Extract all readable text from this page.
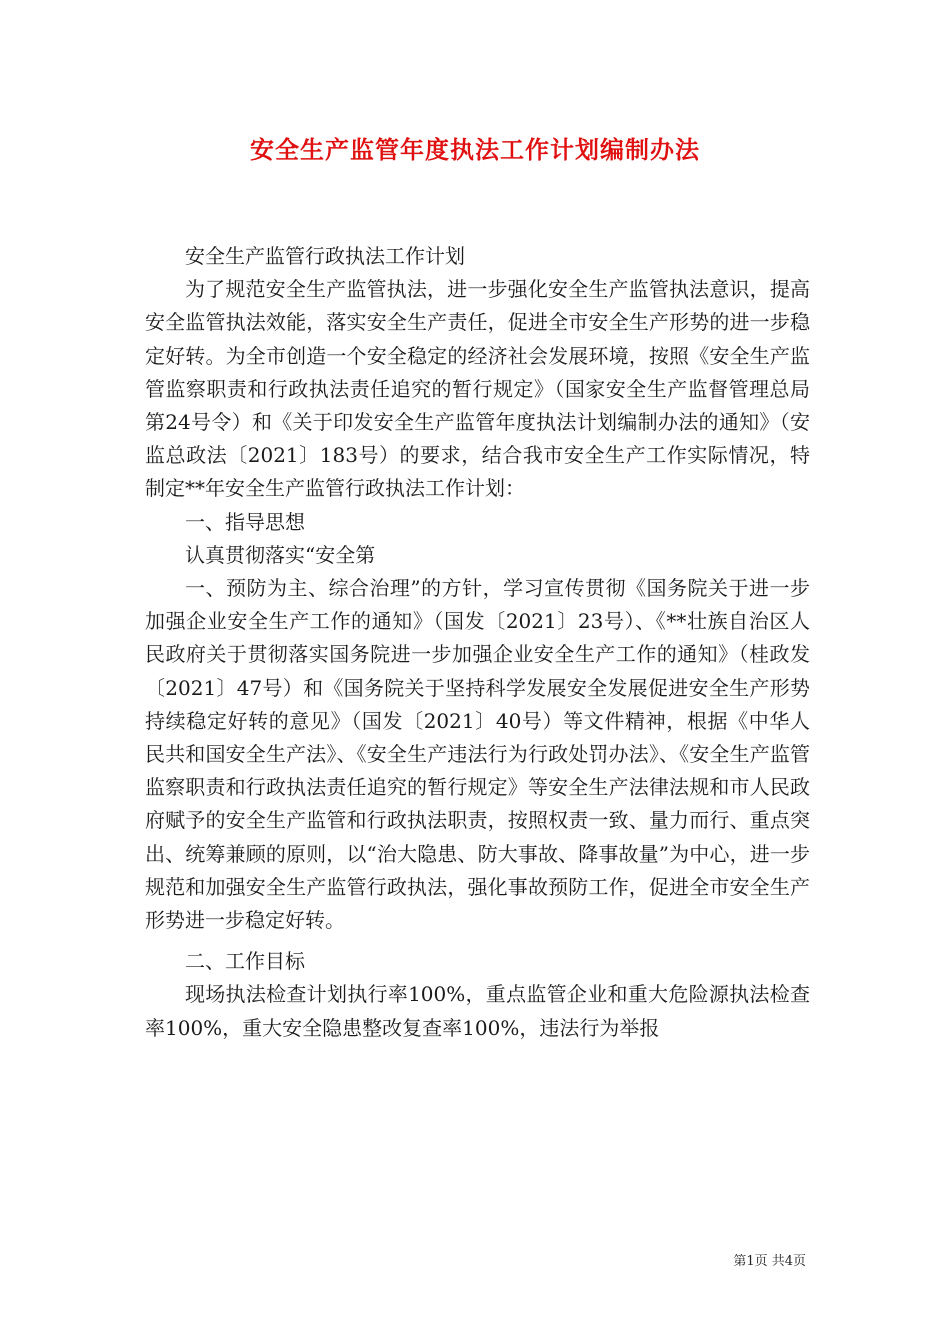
安全生产监管年度执法工作计划编制办法

安全生产监管行政执法工作计划

为了规范安全生产监管执法，进一步强化安全生产监管执法意识，提高安全监管执法效能，落实安全生产责任，促进全市安全生产形势的进一步稳定好转。为全市创造一个安全稳定的经济社会发展环境，按照《安全生产监管监察职责和行政执法责任追究的暂行规定》（国家安全生产监督管理总局第24号令）和《关于印发安全生产监管年度执法计划编制办法的通知》（安监总政法〔2021〕183号）的要求，结合我市安全生产工作实际情况，特制定**年安全生产监管行政执法工作计划：

一、指导思想

认真贯彻落实“安全第

一、预防为主、综合治理”的方针，学习宣传贯彻《国务院关于进一步加强企业安全生产工作的通知》（国发〔2021〕23号）、《**壮族自治区人民政府关于贯彻落实国务院进一步加强企业安全生产工作的通知》（桂政发〔2021〕47号）和《国务院关于坚持科学发展安全发展促进安全生产形势持续稳定好转的意见》（国发〔2021〕40号）等文件精神，根据《中华人民共和国安全生产法》、《安全生产违法行为行政处罚办法》、《安全生产监管监察职责和行政执法责任追究的暂行规定》等安全生产法律法规和市人民政府赋予的安全生产监管和行政执法职责，按照权责一致、量力而行、重点突出、统筹兼顾的原则，以“治大隐患、防大事故、降事故量”为中心，进一步规范和加强安全生产监管行政执法，强化事故预防工作，促进全市安全生产形势进一步稳定好转。

二、工作目标

现场执法检查计划执行率100%，重点监管企业和重大危险源执法检查率100%，重大安全隐患整改复查率100%，违法行为举报

第1页 共4页
